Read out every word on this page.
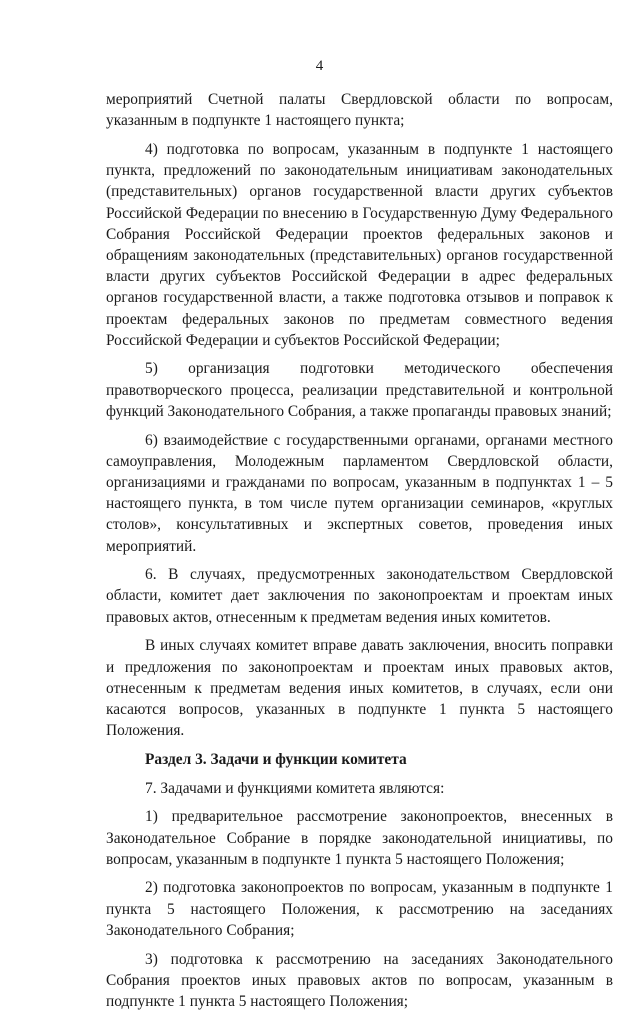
4

мероприятий Счетной палаты Свердловской области по вопросам, указанным в подпункте 1 настоящего пункта;

4) подготовка по вопросам, указанным в подпункте 1 настоящего пункта, предложений по законодательным инициативам законодательных (представительных) органов государственной власти других субъектов Российской Федерации по внесению в Государственную Думу Федерального Собрания Российской Федерации проектов федеральных законов и обращениям законодательных (представительных) органов государственной власти других субъектов Российской Федерации в адрес федеральных органов государственной власти, а также подготовка отзывов и поправок к проектам федеральных законов по предметам совместного ведения Российской Федерации и субъектов Российской Федерации;

5) организация подготовки методического обеспечения правотворческого процесса, реализации представительной и контрольной функций Законодательного Собрания, а также пропаганды правовых знаний;

6) взаимодействие с государственными органами, органами местного самоуправления, Молодежным парламентом Свердловской области, организациями и гражданами по вопросам, указанным в подпунктах 1 – 5 настоящего пункта, в том числе путем организации семинаров, «круглых столов», консультативных и экспертных советов, проведения иных мероприятий.

6. В случаях, предусмотренных законодательством Свердловской области, комитет дает заключения по законопроектам и проектам иных правовых актов, отнесенным к предметам ведения иных комитетов.

В иных случаях комитет вправе давать заключения, вносить поправки и предложения по законопроектам и проектам иных правовых актов, отнесенным к предметам ведения иных комитетов, в случаях, если они касаются вопросов, указанных в подпункте 1 пункта 5 настоящего Положения.

Раздел 3. Задачи и функции комитета

7. Задачами и функциями комитета являются:

1) предварительное рассмотрение законопроектов, внесенных в Законодательное Собрание в порядке законодательной инициативы, по вопросам, указанным в подпункте 1 пункта 5 настоящего Положения;

2) подготовка законопроектов по вопросам, указанным в подпункте 1 пункта 5 настоящего Положения, к рассмотрению на заседаниях Законодательного Собрания;

3) подготовка к рассмотрению на заседаниях Законодательного Собрания проектов иных правовых актов по вопросам, указанным в подпункте 1 пункта 5 настоящего Положения;
